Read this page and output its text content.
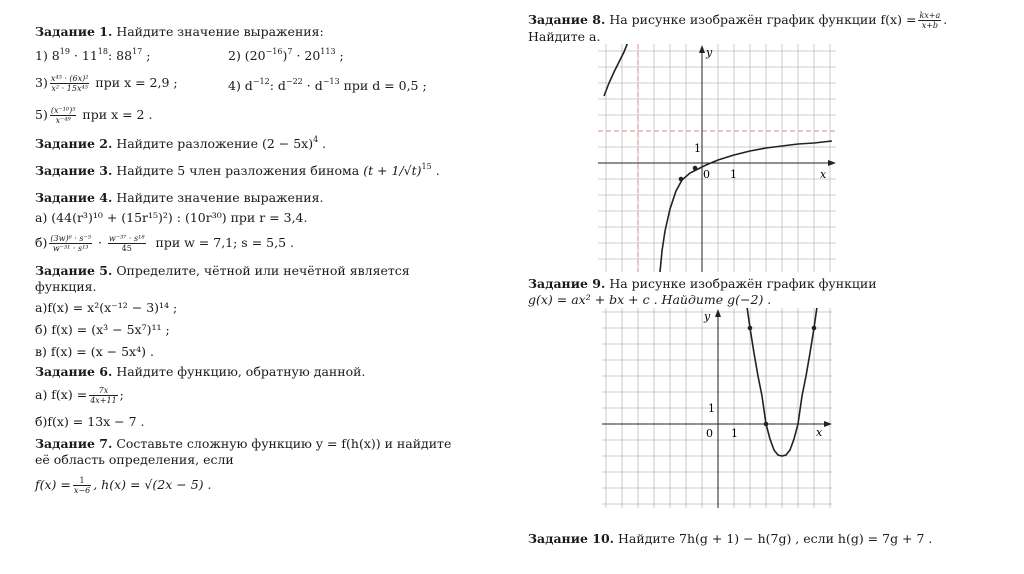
Задание 1. Найдите значение выражения:
1) $8^{19} \cdot 11^{18}$: $88^{17}$ ;	2) $(20^{-16})^7 \cdot 20^{113}$ ;
$3) \frac{\text{x⁴⁵ · (6x)²}}{\text{x² · 15x⁴⁵}}$ при x = 2,9 ;	4) $d^{-12}$: $d^{-22} \cdot d^{-13}$ при d = 0,5 ;
$5) \frac{\text{(x⁻¹⁰)⁵}}{\text{x⁻⁴⁹}}$ при x = 2 .
Задание 2. Найдите разложение $(2 - 5x)^4$ .
Задание 3. Найдите 5 член разложения бинома $(t + 1/√t)^{15}$ .
Задание 4. Найдите значение выражения.
а) (44(r³)¹⁰ + (15r¹⁵)²) : (10r³⁰) при r = 3,4.
$б) \frac{\text{(3w)⁶ · s⁻⁵}}{\text{w⁻³¹ · s¹³}} \cdot \frac{\text{w⁻³⁷ · s¹⁸}}{45}$ при w = 7,1; s = 5,5 .
Задание 5. Определите, чётной или нечётной является
функция.
а)f(x) = x²(x⁻¹² − 3)¹⁴ ;
б) f(x) = (x³ − 5x⁷)¹¹ ;
в) f(x) = (x − 5x⁴) .
Задание 6. Найдите функцию, обратную данной.
а) $f(x) = \frac{7x}{4x+11}$ ;
б)f(x) = 13x − 7 .
Задание 7. Составьте сложную функцию y = f(h(x)) и найдите
её область определения, если
$f(x) = \frac{1}{x-6}$ , h(x) = √(2x − 5) .
Задание 8. На рисунке изображён график функции $f(x) = \frac{kx+a}{x+b}$ .
Найдите a.
y
x
0 1
1
Задание 9. На рисунке изображён график функции
g(x) = ax² + bx + c . Найдите g(−2) .
y
x
0 1
1
Задание 10. Найдите 7h(g + 1) − h(7g) , если h(g) = 7g + 7 .
